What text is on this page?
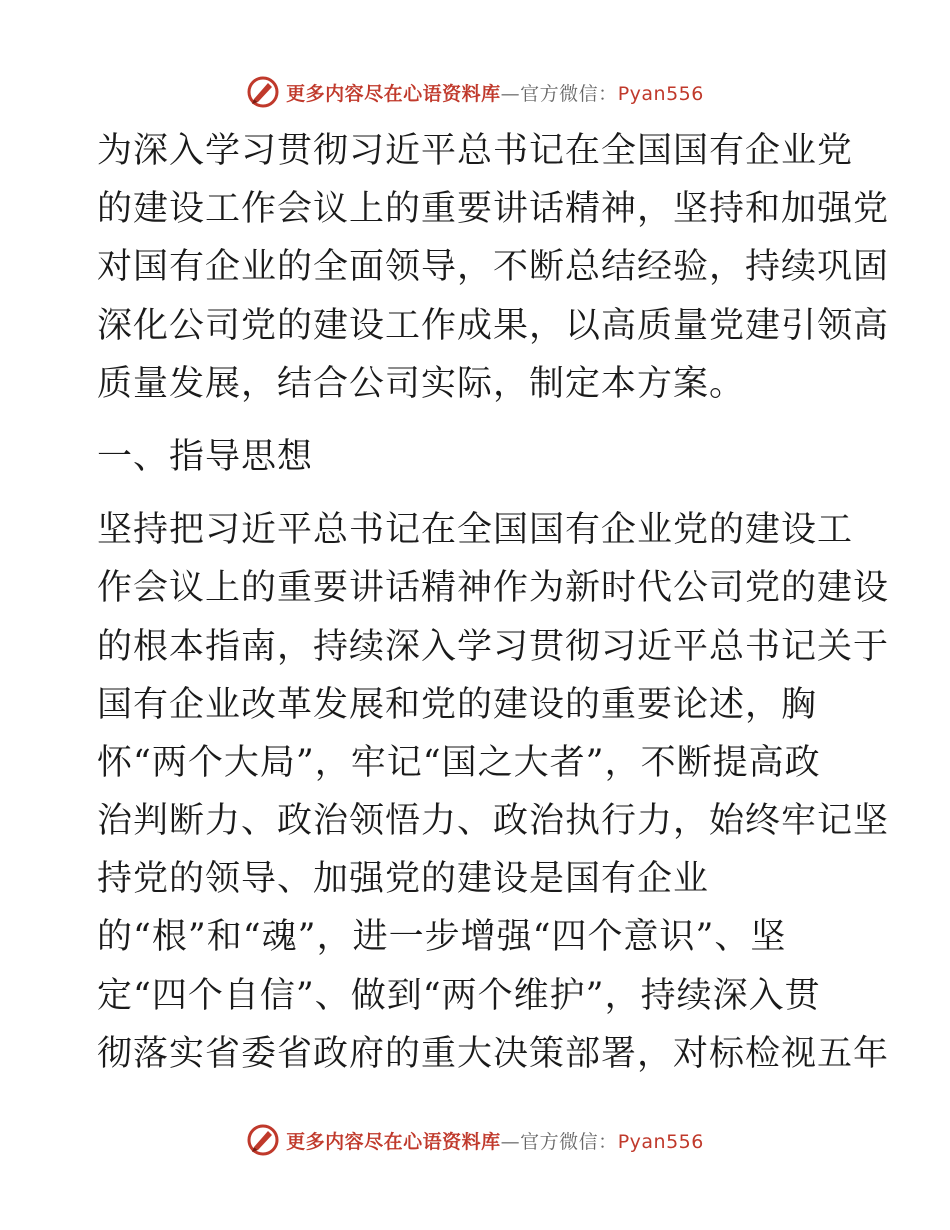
更多内容尽在心语资料库—官方微信：Pyan556
为深入学习贯彻习近平总书记在全国国有企业党
的建设工作会议上的重要讲话精神，坚持和加强党
对国有企业的全面领导，不断总结经验，持续巩固
深化公司党的建设工作成果，以高质量党建引领高
质量发展，结合公司实际，制定本方案。
一、指导思想
坚持把习近平总书记在全国国有企业党的建设工
作会议上的重要讲话精神作为新时代公司党的建设
的根本指南，持续深入学习贯彻习近平总书记关于
国有企业改革发展和党的建设的重要论述，胸
怀“两个大局”，牢记“国之大者”，不断提高政
治判断力、政治领悟力、政治执行力，始终牢记坚
持党的领导、加强党的建设是国有企业
的“根”和“魂”，进一步增强“四个意识”、坚
定“四个自信”、做到“两个维护”，持续深入贯
彻落实省委省政府的重大决策部署，对标检视五年
更多内容尽在心语资料库—官方微信：Pyan556
